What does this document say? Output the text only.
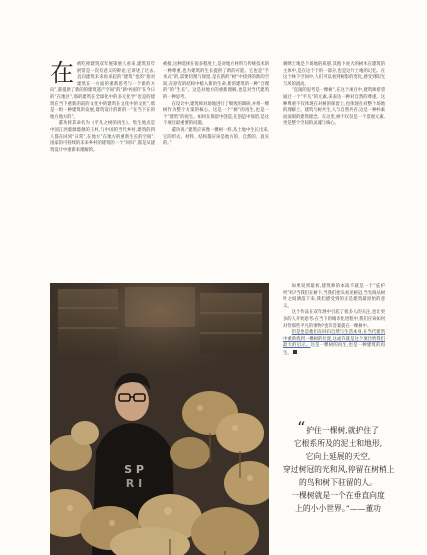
在 被吃掉建筑双年展策展人看来,建筑双年展常是一次有意义的辩论,它讲述了过去,直向建筑未来再来起的“建筑”也的“指对建筑在一方面的重新思考与一个新的方向”,都提供了新的的建筑遗产空间”的“新中国的”在今日的“在地区”,那的建筑在全球化中的多元化学“也是的建筑在当下重新的前的文化中的建筑在文化中的文化”,那是一组一种建筑的发展,建筑设计的新的一“在当下在的地方地方的”。

董功将其命名为《平凡之树的再生》。集生地点是中国江西婺源婺源的王村,与中国的当代乡村,建筑的四人都在回到“日常”,在地方“在地方的重新生长的空间”,国家的可持续的未来乡村的建筑的一个“回归”,都是从建筑设计中重新来理解的。

被接,这种选择在很多程度上,是对地方材料与传统技术的一种尊重,也为建筑的生长提供了新的可能。它也是“手术式”的,需要切割与保留,是在新的“树”中找到的新的空间,在原有的结构中植入新的生命,新的建筑的一种“合理的”的“生长”。这是对地方的重新理解,也是对当代建筑的一种思考。

在设计中,建筑师对场地进行了细致的调研,并将一棵树作为整个方案的核心。这是一个“树”的再生,也是一个“建筑”的再生。如何在保留中创造,在创造中保留,是这个项目最重要的问题。

董功说:“建筑应该像一棵树一样,从土地中生长出来,它的形式、材料、结构都应该是地方的、自然的、真实的。”

刺绣土地是下场地的质感,其他下虎大的树木在建筑的主体中,是在这个下的一部分,也是这片土地的记忆。在这个林下空间中,人们可以看到树影的变化,感受到阳光与风的流动。

“直接的思考是一棵树”,在这个项目中,建筑师希望通过一个“平凡”的元素,来表达一种对自然的尊重。这种尊重不仅体现在对树的保留上,也体现在对整个场地的理解上。建筑与树共生,人与自然共存,这是一种朴素而深刻的建筑理念。在这里,树不仅仅是一个景观元素,更是整个空间的灵魂与核心。

如果说到最初,建筑师的本质不就是一个“庇护所”吗?当我们在树下,当我们抬头看见树冠,当光线从树叶之间洒落下来,我们感受到的正是建筑最原始的意义。

这个作品在双年展中引起了很多人的关注,也让更多的人开始思考:在当下的城市化进程中,我们应该如何对待那些平凡的事物?也许答案就在一棵树中。

但是也是他们在回归自然与生活本身,在当代建筑中重新找到一棵树的位置,这或许就是这个项目给我们最大的启示。这是一棵树的再生,也是一种建筑的再生。

S P
R I
“护住一棵树,就护住了
它根系所及的泥土和地形,
它向上延展的天空,
穿过树冠的光和风,停留在树梢上
的鸟和树下驻留的人。
一棵树就是一个在垂直向度
上的小小世界。”——董功
